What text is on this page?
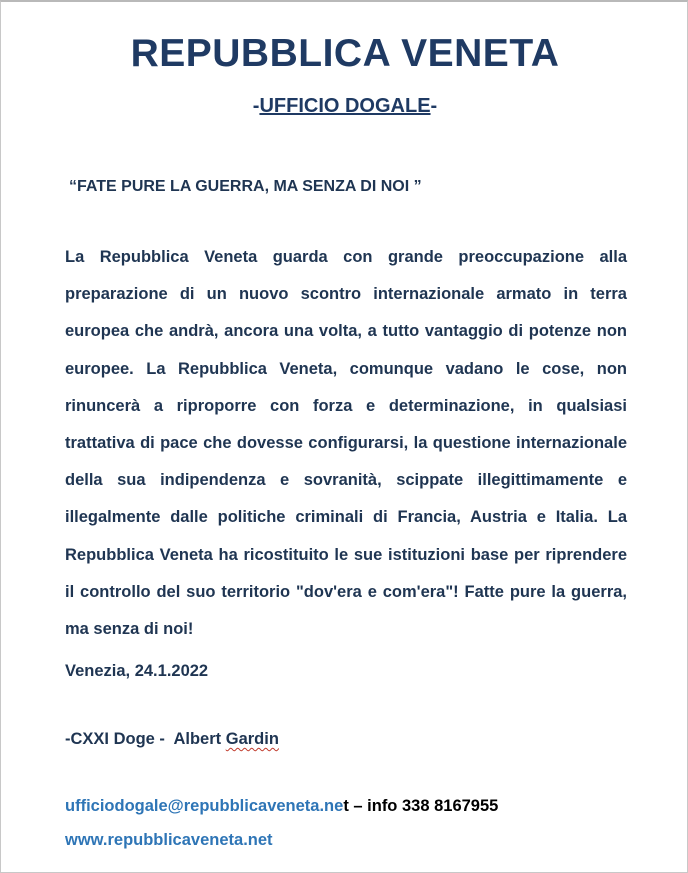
REPUBBLICA VENETA
-UFFICIO DOGALE-
“FATE PURE LA GUERRA, MA SENZA DI NOI ”
La Repubblica Veneta guarda con grande preoccupazione alla preparazione di un nuovo scontro internazionale armato in terra europea che andrà, ancora una volta, a tutto vantaggio di potenze non europee. La Repubblica Veneta, comunque vadano le cose, non rinuncerà a riproporre con forza e determinazione, in qualsiasi trattativa di pace che dovesse configurarsi, la questione internazionale della sua indipendenza e sovranità, scippate illegittimamente e illegalmente dalle politiche criminali di Francia, Austria e Italia. La Repubblica Veneta ha ricostituito le sue istituzioni base per riprendere il controllo del suo territorio "dov'era e com'era"! Fatte pure la guerra, ma senza di noi!
Venezia, 24.1.2022
-CXXI Doge -  Albert Gardin
ufficiodogale@repubblicaveneta.net – info 338 8167955
www.repubblicaveneta.net
